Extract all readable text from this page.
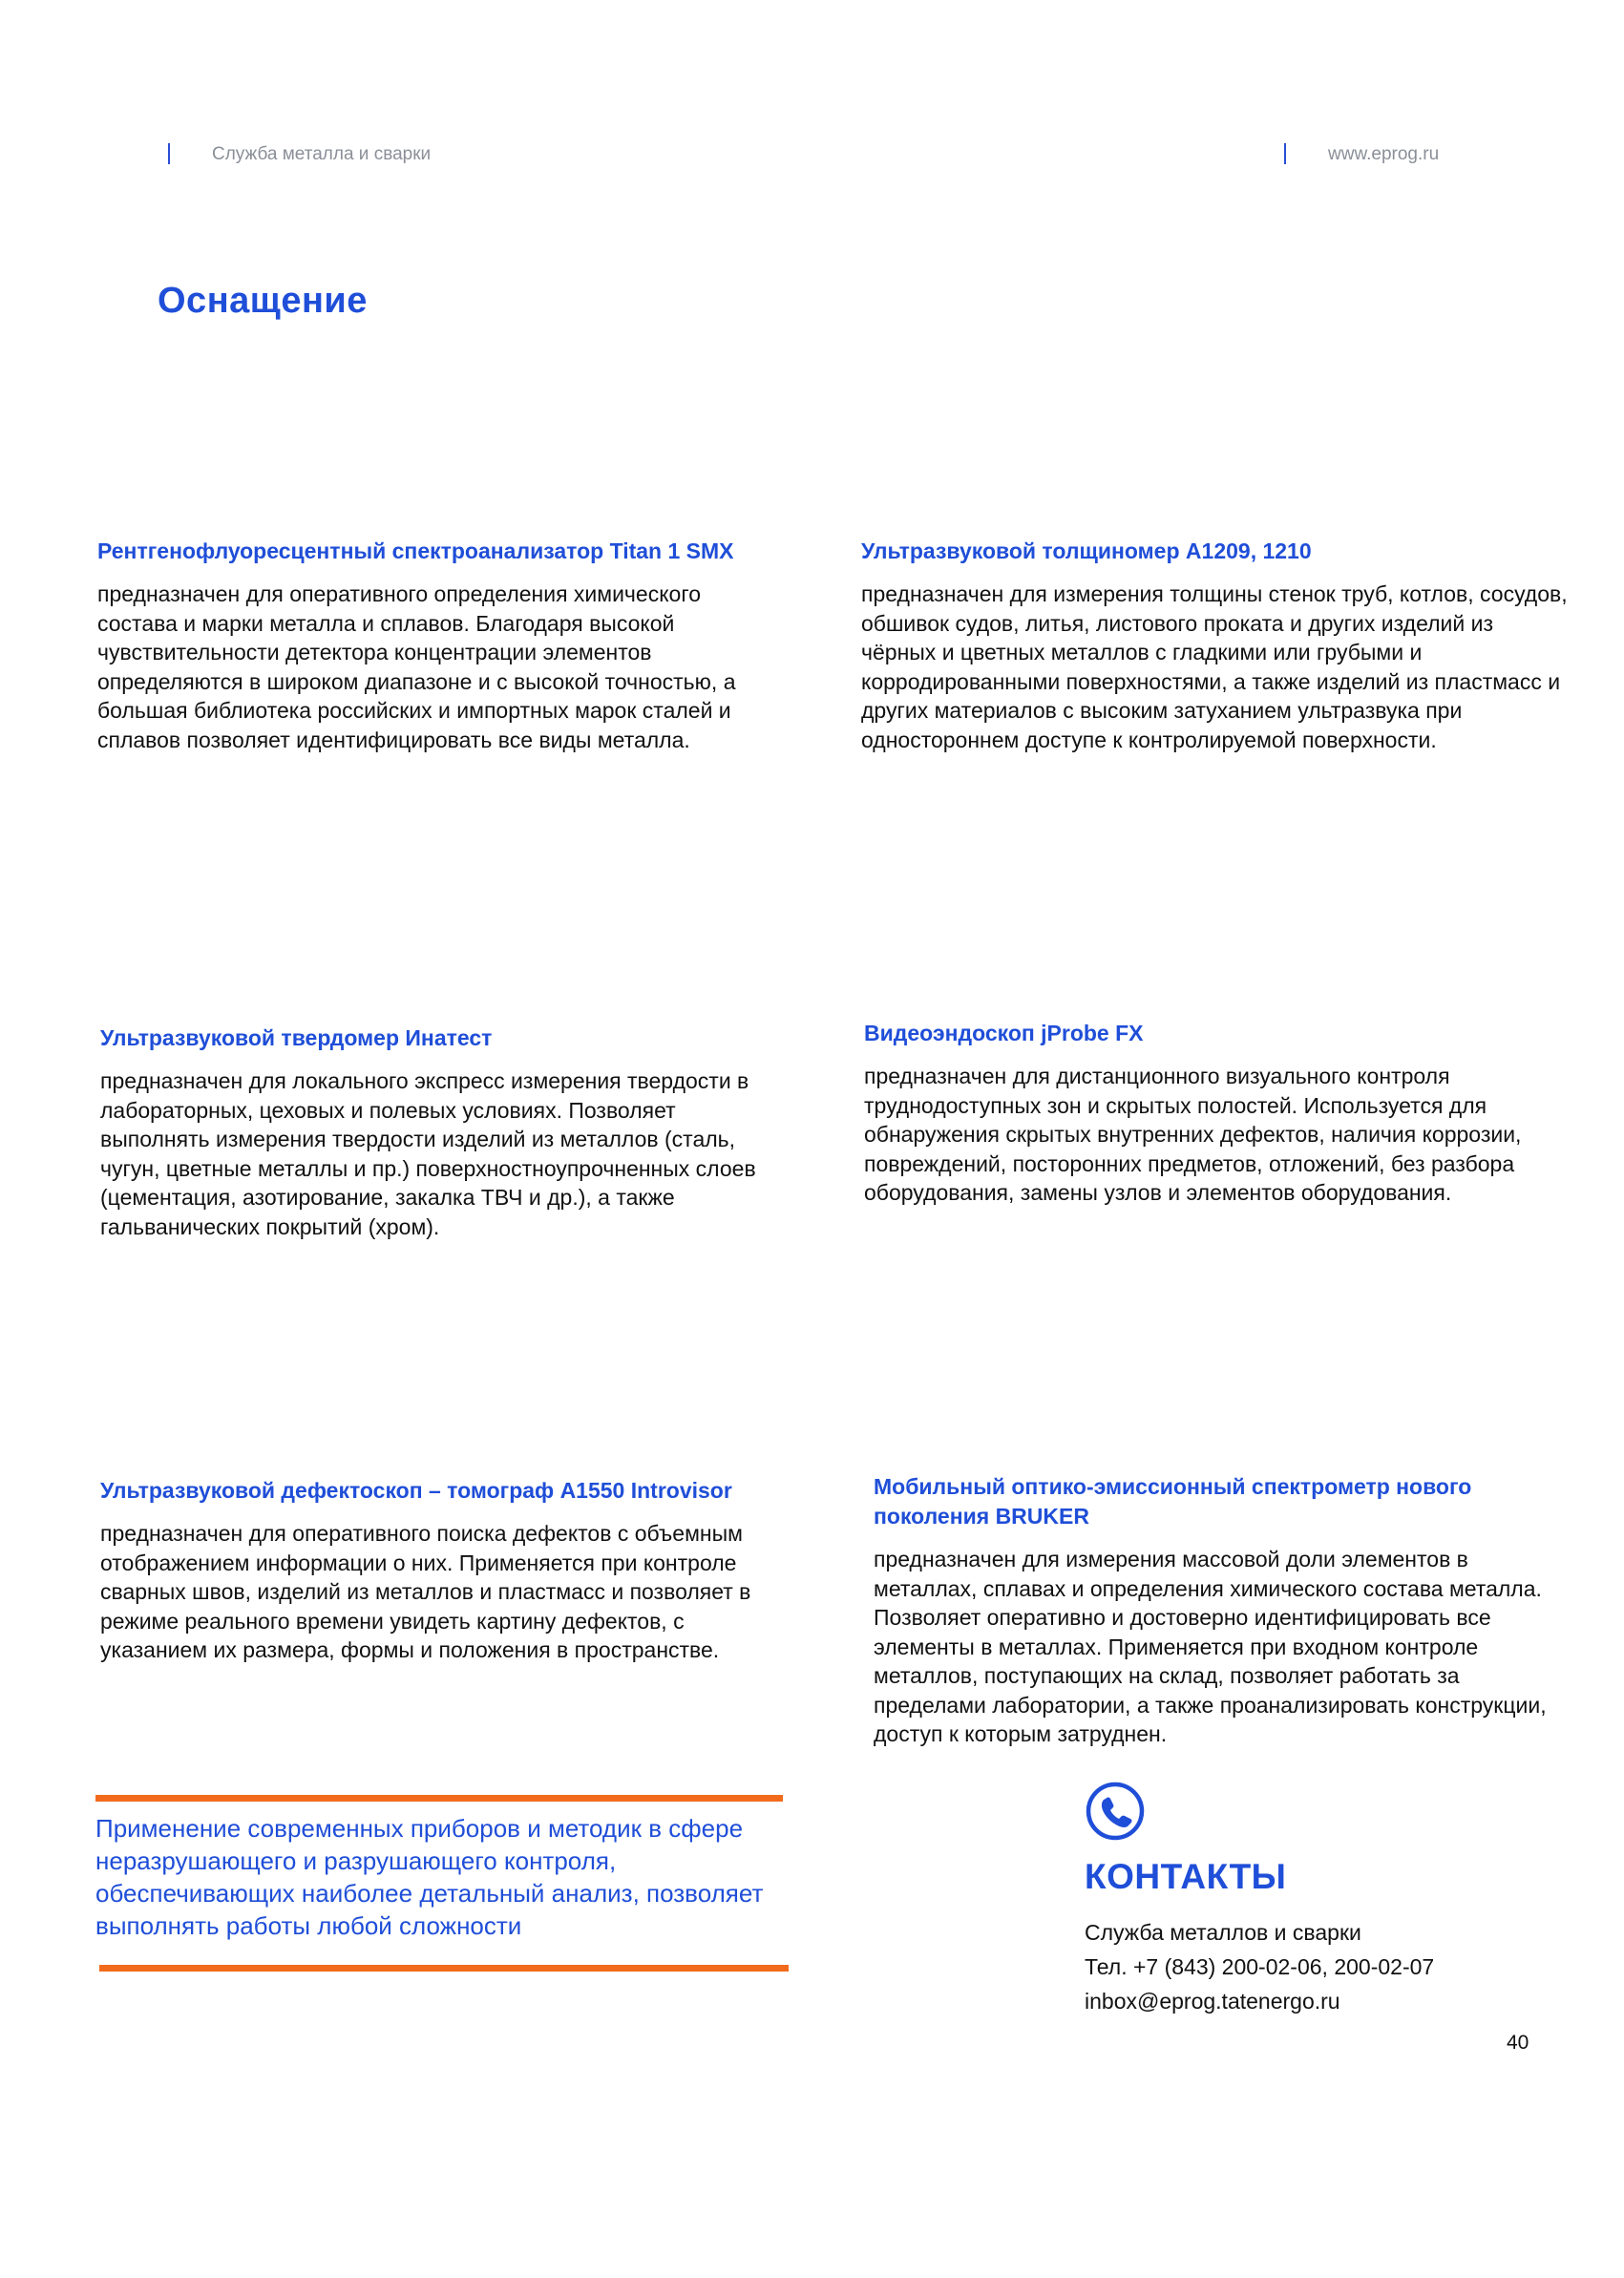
Служба металла и сварки	www.eprog.ru
Оснащение
Рентгенофлуоресцентный спектроанализатор Titan 1 SMX

предназначен для оперативного определения химического состава и марки металла и сплавов. Благодаря высокой чувствительности детектора концентрации элементов определяются в широком диапазоне и с высокой точностью, а большая библиотека российских и импортных марок сталей и сплавов позволяет идентифицировать все виды металла.

Ультразвуковой толщиномер А1209, 1210

предназначен для измерения толщины стенок труб, котлов, сосудов, обшивок судов, литья, листового проката и других изделий из чёрных и цветных металлов с гладкими или грубыми и корродированными поверхностями, а также изделий из пластмасс и других материалов с высоким затуханием ультразвука при одностороннем доступе к контролируемой поверхности.

Ультразвуковой твердомер Инатест

предназначен для локального экспресс измерения твердости в лабораторных, цеховых и полевых условиях. Позволяет выполнять измерения твердости изделий из металлов (сталь, чугун, цветные металлы и пр.) поверхностноупрочненных слоев (цементация, азотирование, закалка ТВЧ и др.), а также гальванических покрытий (хром).

Видеоэндоскоп jProbe FX

предназначен для дистанционного визуального контроля труднодоступных зон и скрытых полостей. Используется для обнаружения скрытых внутренних дефектов, наличия коррозии, повреждений, посторонних предметов, отложений, без разбора оборудования, замены узлов и элементов оборудования.

Ультразвуковой дефектоскоп – томограф А1550 Introvisor

предназначен для оперативного поиска дефектов с объемным отображением информации о них. Применяется при контроле сварных швов, изделий из металлов и пластмасс и позволяет в режиме реального времени увидеть картину дефектов, с указанием их размера, формы и положения в пространстве.

Мобильный оптико-эмиссионный спектрометр нового поколения BRUKER

предназначен для измерения массовой доли элементов в металлах, сплавах и определения химического состава металла. Позволяет оперативно и достоверно идентифицировать все элементы в металлах. Применяется при входном контроле металлов, поступающих на склад, позволяет работать за пределами лаборатории, а также проанализировать конструкции, доступ к которым затруднен.

Применение современных приборов и методик в сфере неразрушающего и разрушающего контроля, обеспечивающих наиболее детальный анализ, позволяет выполнять работы любой сложности

КОНТАКТЫ
Служба металлов и сварки
Тел. +7 (843) 200-02-06, 200-02-07
inbox@eprog.tatenergo.ru
40
